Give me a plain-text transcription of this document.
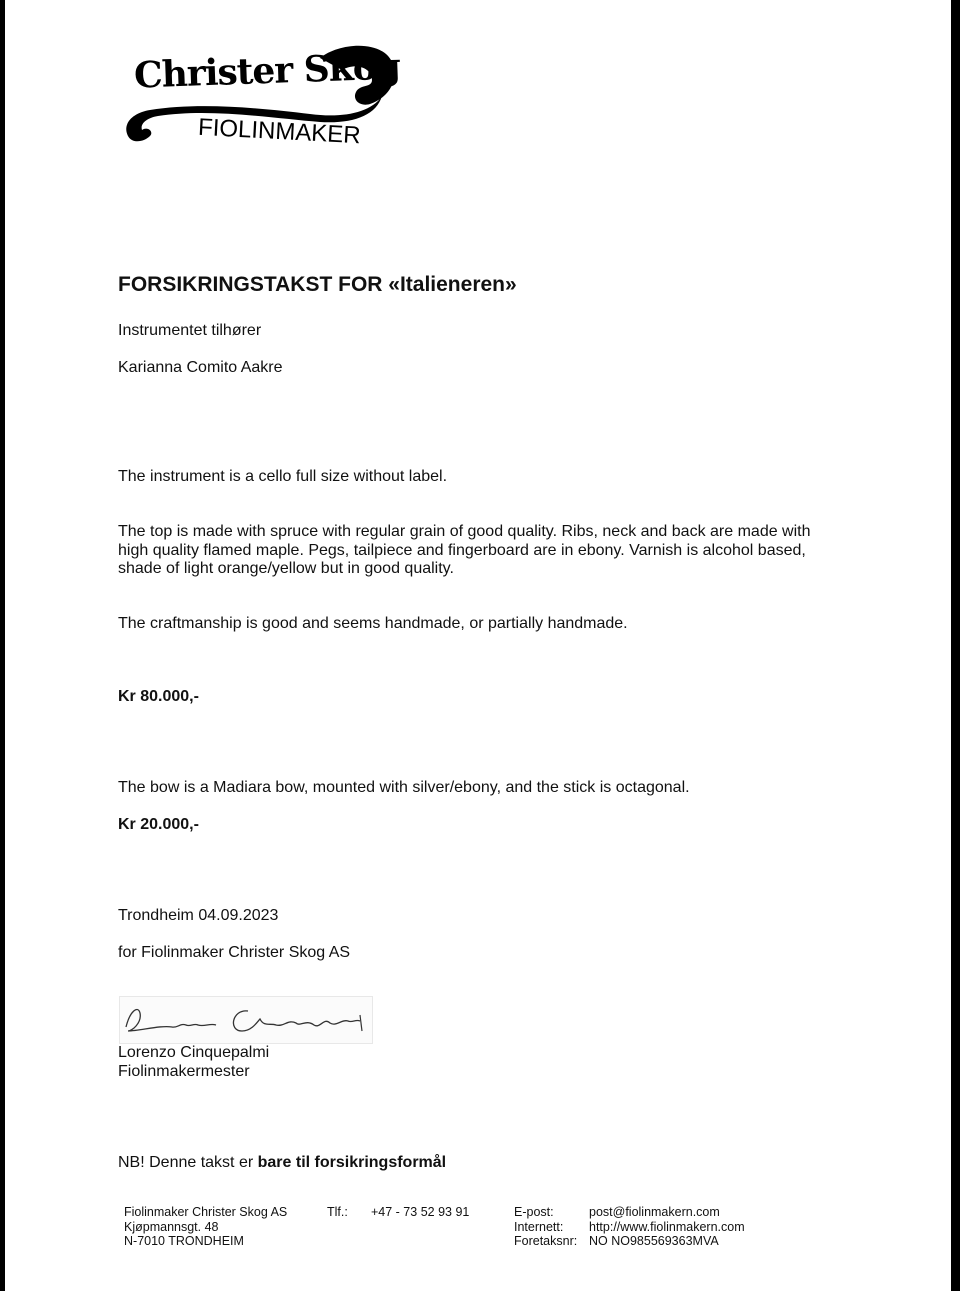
Christer Skog
FIOLINMAKER
FORSIKRINGSTAKST FOR «Italieneren»
Instrumentet tilhører
Karianna Comito Aakre
The instrument is a cello full size without label.
The top is made with spruce with regular grain of good quality. Ribs, neck and back are made with high quality flamed maple. Pegs, tailpiece and fingerboard are in ebony. Varnish is alcohol based, shade of light orange/yellow but in good quality.
The craftmanship is good and seems handmade, or partially handmade.
Kr 80.000,-
The bow is a Madiara bow, mounted with silver/ebony, and the stick is octagonal.
Kr 20.000,-
Trondheim 04.09.2023
for Fiolinmaker Christer Skog AS
Lorenzo Cinquepalmi
Fiolinmakermester
NB! Denne takst er bare til forsikringsformål
Fiolinmaker Christer Skog AS
Kjøpmannsgt. 48
N-7010 TRONDHEIM
Tlf.: +47 - 73 52 93 91	E-post:
Internett:
Foretaksnr:
post@fiolinmakern.com
http://www.fiolinmakern.com
NO NO985569363MVA
